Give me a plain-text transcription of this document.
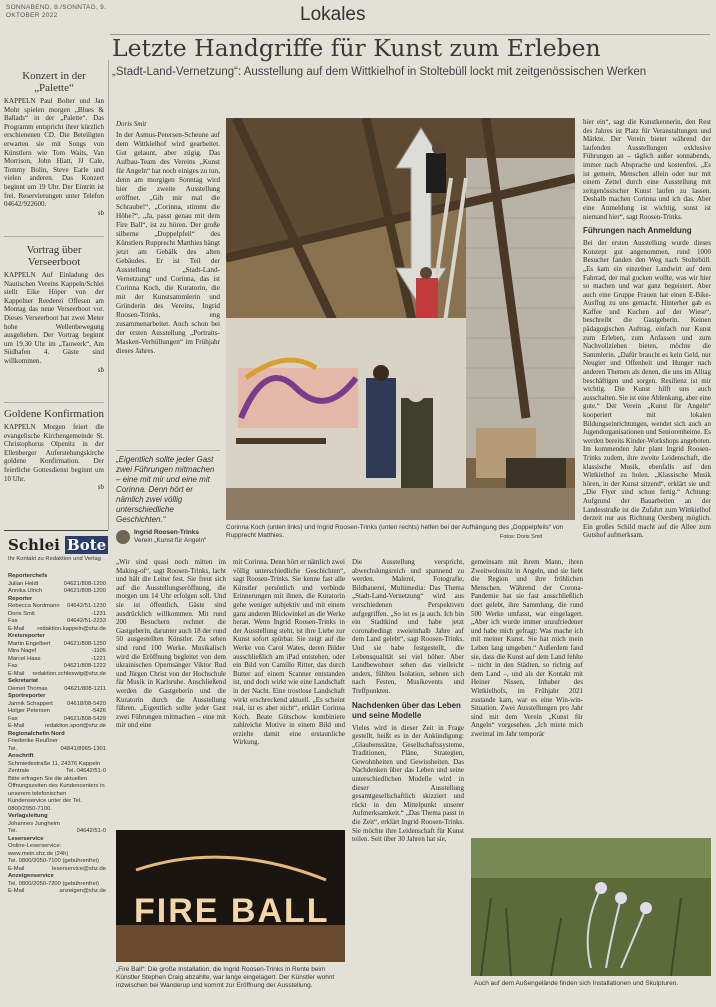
SONNABEND, 8./SONNTAG, 9.
OKTOBER 2022	Lokales
Letzte Handgriffe für Kunst zum Erleben
„Stadt-Land-Vernetzung“: Ausstellung auf dem Wittkielhof in Stoltebüll lockt mit zeitgenössischen Werken
Konzert in der „Palette“
KAPPELN Paul Bolter und Jan Mohr spielen morgen „Blues & Ballads“ in der „Palette“. Das Programm entspricht ihrer kürzlich erschienenen CD. Die Beteiligten erwarten sie mit Songs von Künstlern wie Tom Waits, Van Morrison, John Hiatt, JJ Cale, Tommy Bolin, Steve Earle und vielen anderen. Das Konzert beginnt um 19 Uhr. Der Eintritt ist frei. Reservierungen unter Telefon 04642/922600.
sb
Vortrag über Verseerboot
KAPPELN Auf Einladung des Nautischen Vereins Kappeln/Schlei stellt Eike Höper von der Kappelner Reederei Offesen am Montag das neue Verseerboot vor. Dieses Verseerboot hat zwei Meter hohe Wellenbewegung ausgeliehen. Der Vortrag beginnt um 19.30 Uhr im „Tauwerk“, Am Südhafen 4. Gäste sind willkommen.
sb
Goldene Konfirmation
KAPPELN Morgen feiert die evangelische Kirchengemeinde St. Christophorus Olpenitz in der Ellenberger Auferstehungskirche goldene Konfirmation. Der feierliche Gottesdienst beginnt um 10 Uhr.
sb
Schlei Bote
Ihr Kontakt zu Redaktion und Verlag
Reporterchefs
Julian Heldt	04621/808-1200
Annika Ulrich	04621/808-1200
Reporter
Rebecca Nordmann 04642/51-1230
Doris Smit	-1231
Fax	04642/51-2233
E-Mail redaktion.kappeln@shz.de
Kreisreporter
Martin Engelbert 04621/808-1250
Mira Nagel	-1105
Marcel Haas	-1221
Fax	04621/808-1222
E-Mail redaktion.schleswig@shz.de
Sekretariat
Demet Thomas	04621/808-1211
Sportreporter
Jannik Schappert 04618/08-5420
Holger Petersen	-5426
Fax	04621/808-5429
E-Mail	redaktion.sport@shz.de
Regionalchefin Nord
Friederike Reußner
Tel.	04841/8965-1301
Anschrift
Schmiedestraße 11, 24376 Kappeln
Zentrale	Tel. 04642/51-0
Bitte erfragen Sie die aktuellen Öffnungszeiten des Kundencenters in unserem telefonischen Kundenservice unter der Tel. 0800/2050-7100.
Verlagsleitung
Johannes Jungheim
Tel.	04642/51-0
Leserservice
Online-Leserservice: www.mein.shz.de (24h)
Tel. 0800/2050-7100 (gebührenfrei)
E-Mail	leserservice@shz.de
Anzeigenservice
Tel. 0800/2050-7200 (gebührenfrei)
E-Mail	anzeigen@shz.de
Doris Smit
In der Asmus-Petersen-Scheune auf dem Wittkielhof wird gearbeitet. Gut gelaunt, aber zügig. Das Aufbau-Team des Vereins „Kunst für Angeln“ hat noch einiges zu tun, denn am morgigen Sonntag wird hier die zweite Ausstellung eröffnet. „Gib mir mal die Schraube!“, „Corinna, stimmt die Höhe?“, „Ja, passt genau mit dem Fire Ball“, ist zu hören. Der große silberne „Doppelpfeil“ des Künstlers Rupprecht Matthies hängt jetzt am Gebälk des alten Gebäudes. Er ist Teil der Ausstellung „Stadt-Land-Vernetzung“ und Corinna, das ist Corinna Koch, die Kuratorin, die mit der Kunstsammlerin und Gründerin des Vereins, Ingrid Roosen-Trinks, eng zusammenarbeitet. Auch schon bei der ersten Ausstellung „Portraits-Masken-Verhüllungen“ im Frühjahr dieses Jahres.
„Eigentlich sollte jeder Gast zwei Führungen mitmachen – eine mit mir und eine mit Corinna. Denn hört er nämlich zwei völlig unterschiedliche Geschichten.“
Ingrid Roosen-Trinks
Verein „Kunst für Angeln“
Corinna Koch (unten links) und Ingrid Roosen-Trinks (unten rechts) helfen bei der Aufhängung des „Doppelpfeils“ von Rupprecht Matthies.	Fotos: Doris Smit
hier ein“, sagt die Kunstkennerin, den Rest des Jahres ist Platz für Veranstaltungen und Märkte. Der Verein bietet während der laufenden Ausstellungen exklusive Führungen an – täglich außer sonnabends, immer nach Absprache und kostenfrei. „Es ist gemein, Menschen allein oder nur mit einem Zettel durch eine Ausstellung mit zeitgenössischer Kunst laufen zu lassen. Deshalb machen Corinna und ich das. Aber eine Anmeldung ist wichtig, sonst ist niemand hier“, sagt Roosen-Trinks.
Führungen nach Anmeldung
Bei der ersten Ausstellung wurde dieses Konzept gut angenommen, rund 1000 Besucher fanden den Weg nach Stoltebüll. „Es kam ein einzelner Landwirt auf dem Fahrrad, der mal gucken wollte, was wir hier so machen und war ganz begeistert. Aber auch eine Gruppe Frauen hat einen E-Bike-Ausflug zu uns gemacht. Hinterher gab es Kaffee und Kuchen auf der Wiese“, beschreibt die Gastgeberin. Keinen pädagogischen Auftrag, einfach nur Kunst zum Erleben, zum Anfassen und zum Nachvollziehen bieten, möchte die Sammlerin. „Dafür braucht es kein Geld, nur Neugier und Offenheit und Hunger nach anderen Themen als denen, die uns im Alltag beschäftigen und sorgen. Resilienz ist mir wichtig. Die Kunst hilft uns auch ausschalten. Sie ist eine Ablenkung, aber eine gute.“ Der Verein „Kunst für Angeln“ kooperiert mit lokalen Bildungseinrichtungen, wendet sich auch an Jugendorganisationen und Seniorenheime. Es werden bereits Kinder-Workshops angeboten. Im kommenden Jahr plant Ingrid Roosen-Trinks zudem, ihre zweite Leidenschaft, die klassische Musik, ebenfalls auf den Wittkielhof zu holen. „Klassische Musik hören, in der Kunst sitzend“, erklärt sie und: „Die Flyer sind schon fertig.“ Achtung: Aufgrund der Bauarbeiten an der Landesstraße ist die Zufahrt zum Wittkielhof derzeit nur aus Richtung Oersberg möglich. Ein großes Schild macht auf die Allee zum Gutshof aufmerksam.
„Wir sind quasi noch mitten im Making-of“, sagt Roosen-Trinks, lacht und hält die Leiter fest. Sie freut sich auf die Ausstellungseröffnung, die morgen um 14 Uhr erfolgen soll. Und sie ist öffentlich, Gäste sind ausdrücklich willkommen. Mit rund 200 Besuchern rechnet die Gastgeberin, darunter auch 18 der rund 50 ausgestellten Künstler. Zu sehen sind rund 100 Werke. Musikalisch wird die Eröffnung begleitet von dem ukrainischen Opernsänger Viktor Rud und Jürgen Christ von der Hochschule für Musik in Karlsruhe. Anschließend werden die Gastgeberin und die Kuratorin durch die Ausstellung führen. „Eigentlich sollte jeder Gast zwei Führungen mitmachen – eine mit mir und eine
mit Corinna. Denn hört er nämlich zwei völlig unterschiedliche Geschichten“, sagt Roosen-Trinks. Sie kenne fast alle Künstler persönlich und verbinde Erinnerungen mit ihnen, die Kuratorin gehe weniger subjektiv und mit einem ganz anderen Blickwinkel an die Werke heran. Wenn Ingrid Roosen-Trinks in der Ausstellung steht, ist ihre Liebe zur Kunst sofort spürbar. Sie zeigt auf die Werke von Carol Wates, deren Bilder ausschließlich am iPad entstehen, oder ein Bild von Camillo Ritter, das durch Butter auf einem Scanner entstanden ist, und doch wirkt wie eine Landschaft in der Nacht. Eine trostlose Landschaft wirkt erschreckend aktuell. „Es scheint real, ist es aber nicht“, erklärt Corinna Koch. Beate Gütschow kombiniere zahlreiche Motive in einem Bild und erzielte damit eine erstaunliche Wirkung.
Die Ausstellung verspricht, abwechslungsreich und spannend zu werden. Malerei, Fotografie, Bildhauerei, Multimedia: Das Thema „Stadt-Land-Vernetzung“ wird aus verschiedenen Perspektiven aufgegriffen. „So ist es ja auch. Ich bin ein Stadtkind und habe jetzt coronabedingt zweieinhalb Jahre auf dem Land gelebt“, sagt Roosen-Trinks. Und sie habe festgestellt, die Lebensqualität sei viel höher. Aber Landbewohner sehen das vielleicht anders, fühlten Isolation, sehnen sich nach Festen, Musikevents und Treffpunkten.
Nachdenken über das Leben und seine Modelle
Vieles wird in dieser Zeit in Frage gestellt, heißt es in der Ankündigung: „Glaubenssätze, Gesellschaftssysteme, Traditionen, Pläne, Strategien, Gewohnheiten und Gewissheiten. Das Nachdenken über das Leben und seine unterschiedlichen Modelle wird in dieser Ausstellung gesamtgesellschaftlich skizziert und rückt in den Mittelpunkt unserer Aufmerksamkeit.“ „Das Thema passt in die Zeit“, erklärt Ingrid Roosen-Trinks. Sie möchte ihre Leidenschaft für Kunst teilen. Seit über 30 Jahren hat sie,
gemeinsam mit ihrem Mann, ihren Zweitwohnsitz in Angeln, und sie liebt die Region und ihre fröhlichen Menschen. Während der Corona-Pandemie hat sie fast ausschließlich dort gelebt, ihre Sammlung, die rund 500 Werke umfasst, war eingelagert. „Aber ich wurde immer unzufriedener und habe mich gefragt: Was mache ich mit meiner Kunst. Sie hat mich mein Leben lang umgeben.“ Außerdem fand sie, dass die Kunst auf dem Land fehlte – nicht in den Städten, so richtig auf dem Land –, und als der Kontakt mit Heiner Nissen, Inhaber des Wittkielhofs, im Frühjahr 2021 zustande kam, war es eine Win-win-Situation. Zwei Ausstellungen pro Jahr sind mit dem Verein „Kunst für Angeln“ vorgesehen. „Ich miete mich zweimal im Jahr temporär
FIRE BALL
„Fire Ball“: Die große Installation, die Ingrid Roosen-Trinks in Rente beim Künstler Stephen Craig abzahlte, war lange eingelagert. Der Künstler wohnt inzwischen bei Wanderup und kommt zur Eröffnung der Ausstellung.	Auch auf dem Außengelände finden sich Installationen und Skulpturen.
